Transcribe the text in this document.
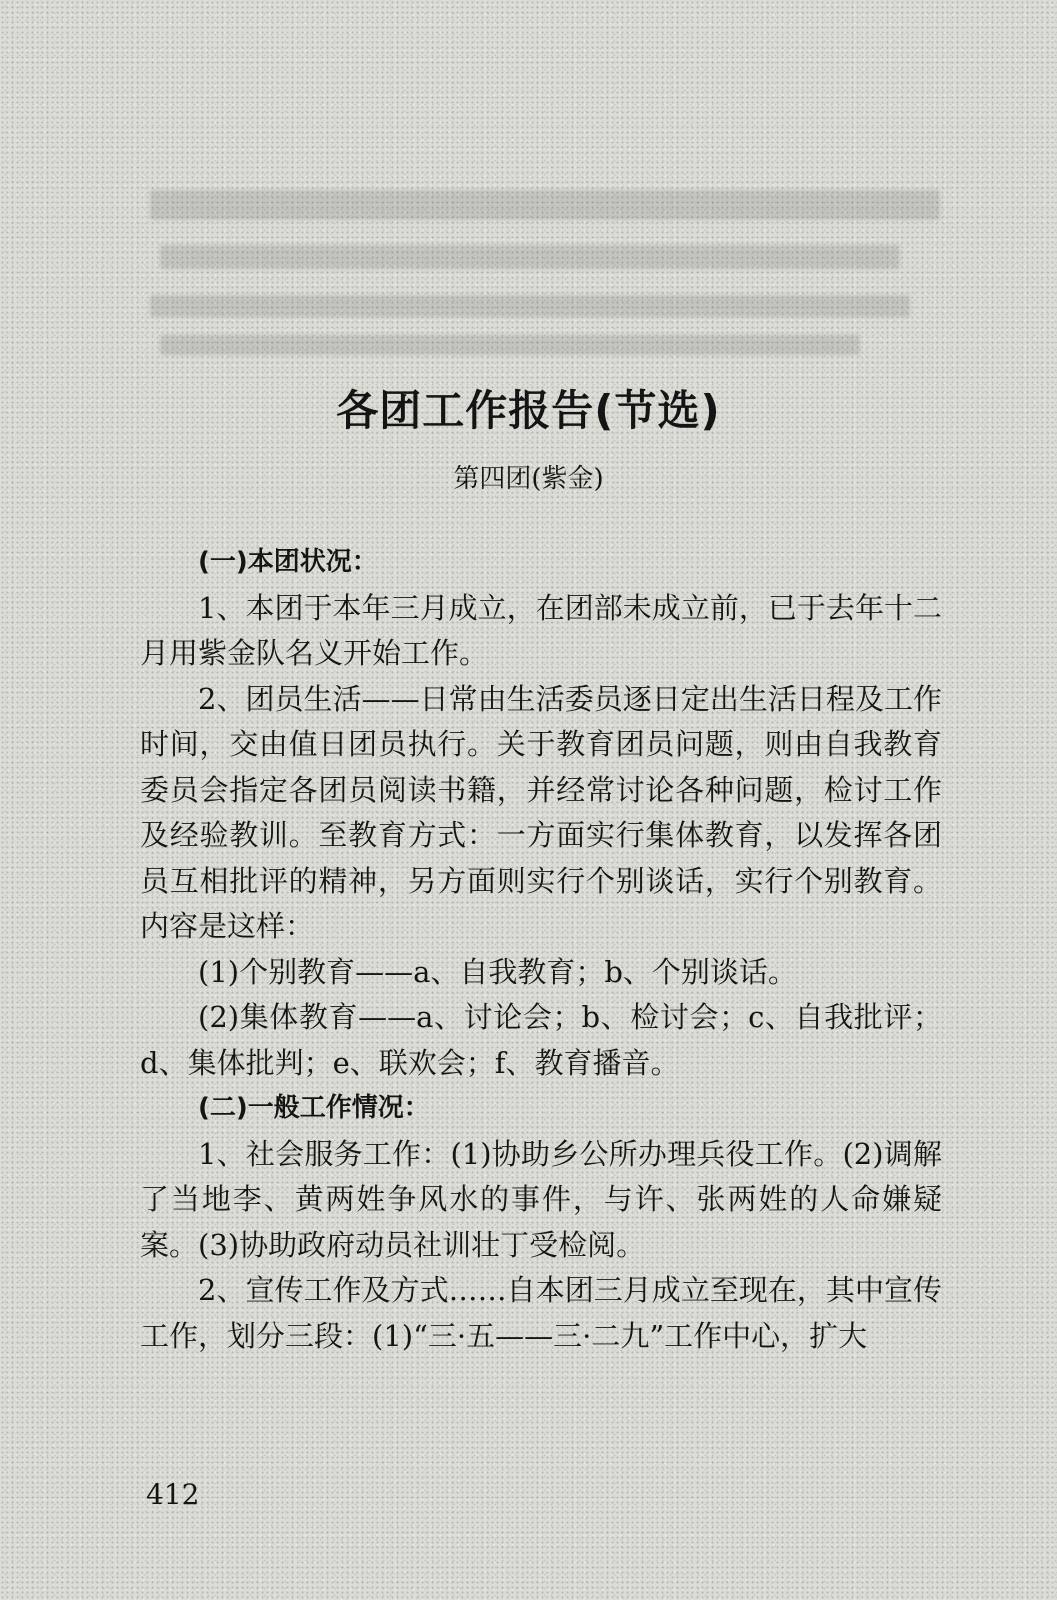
各团工作报告(节选)
第四团(紫金)

(一)本团状况：

1、本团于本年三月成立，在团部未成立前，已于去年十二月用紫金队名义开始工作。

2、团员生活——日常由生活委员逐日定出生活日程及工作时间，交由值日团员执行。关于教育团员问题，则由自我教育委员会指定各团员阅读书籍，并经常讨论各种问题，检讨工作及经验教训。至教育方式：一方面实行集体教育，以发挥各团员互相批评的精神，另方面则实行个别谈话，实行个别教育。内容是这样：

(1)个别教育——a、自我教育；b、个别谈话。

(2)集体教育——a、讨论会；b、检讨会；c、自我批评；d、集体批判；e、联欢会；f、教育播音。

(二)一般工作情况：

1、社会服务工作：(1)协助乡公所办理兵役工作。(2)调解了当地李、黄两姓争风水的事件，与许、张两姓的人命嫌疑案。(3)协助政府动员社训壮丁受检阅。

2、宣传工作及方式……自本团三月成立至现在，其中宣传工作，划分三段：(1)“三·五——三·二九”工作中心，扩大

412
